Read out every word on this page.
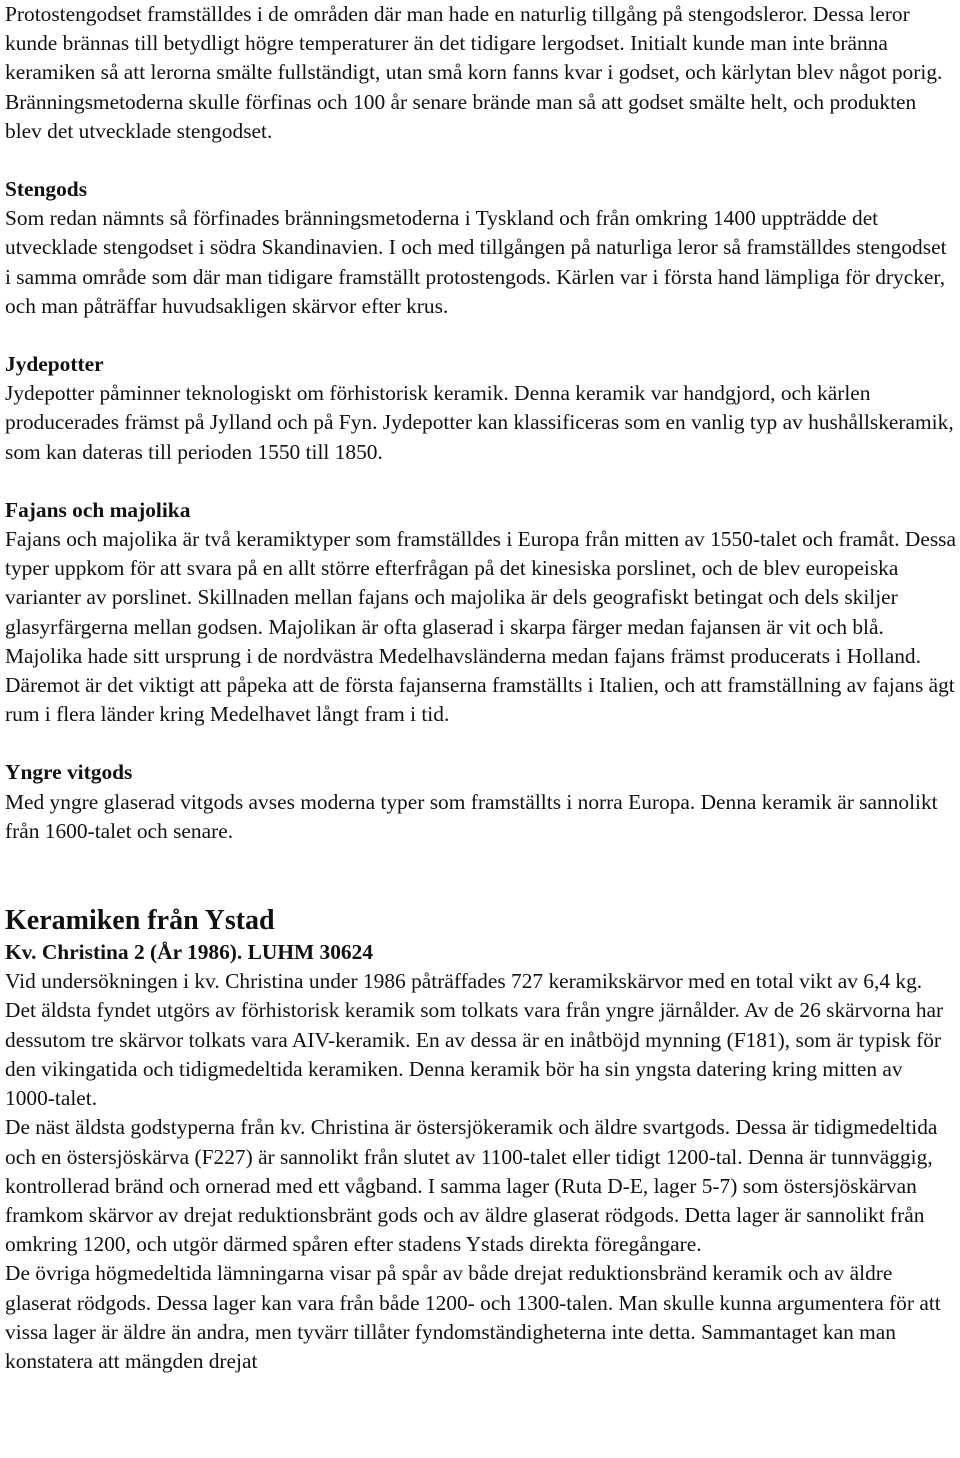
Protostengodset framställdes i de områden där man hade en naturlig tillgång på stengodsleror. Dessa leror kunde brännas till betydligt högre temperaturer än det tidigare lergodset. Initialt kunde man inte bränna keramiken så att lerorna smälte fullständigt, utan små korn fanns kvar i godset, och kärlytan blev något porig. Bränningsmetoderna skulle förfinas och 100 år senare brände man så att godset smälte helt, och produkten blev det utvecklade stengodset.

Stengods

Som redan nämnts så förfinades bränningsmetoderna i Tyskland och från omkring 1400 uppträdde det utvecklade stengodset i södra Skandinavien. I och med tillgången på naturliga leror så framställdes stengodset i samma område som där man tidigare framställt protostengods. Kärlen var i första hand lämpliga för drycker, och man påträffar huvudsakligen skärvor efter krus.

Jydepotter

Jydepotter påminner teknologiskt om förhistorisk keramik. Denna keramik var handgjord, och kärlen producerades främst på Jylland och på Fyn. Jydepotter kan klassificeras som en vanlig typ av hushållskeramik, som kan dateras till perioden 1550 till 1850.

Fajans och majolika

Fajans och majolika är två keramiktyper som framställdes i Europa från mitten av 1550-talet och framåt. Dessa typer uppkom för att svara på en allt större efterfrågan på det kinesiska porslinet, och de blev europeiska varianter av porslinet. Skillnaden mellan fajans och majolika är dels geografiskt betingat och dels skiljer glasyrfärgerna mellan godsen. Majolikan är ofta glaserad i skarpa färger medan fajansen är vit och blå. Majolika hade sitt ursprung i de nordvästra Medelhavsländerna medan fajans främst producerats i Holland. Däremot är det viktigt att påpeka att de första fajanserna framställts i Italien, och att framställning av fajans ägt rum i flera länder kring Medelhavet långt fram i tid.

Yngre vitgods

Med yngre glaserad vitgods avses moderna typer som framställts i norra Europa. Denna keramik är sannolikt från 1600-talet och senare.

Keramiken från Ystad
Kv. Christina 2 (År 1986). LUHM 30624

Vid undersökningen i kv. Christina under 1986 påträffades 727 keramikskärvor med en total vikt av 6,4 kg. Det äldsta fyndet utgörs av förhistorisk keramik som tolkats vara från yngre järnålder. Av de 26 skärvorna har dessutom tre skärvor tolkats vara AIV-keramik. En av dessa är en inåtböjd mynning (F181), som är typisk för den vikingatida och tidigmedeltida keramiken. Denna keramik bör ha sin yngsta datering kring mitten av 1000-talet.

De näst äldsta godstyperna från kv. Christina är östersjökeramik och äldre svartgods. Dessa är tidigmedeltida och en östersjöskärva (F227) är sannolikt från slutet av 1100-talet eller tidigt 1200-tal. Denna är tunnväggig, kontrollerad bränd och ornerad med ett vågband. I samma lager (Ruta D-E, lager 5-7) som östersjöskärvan framkom skärvor av drejat reduktionsbränt gods och av äldre glaserat rödgods. Detta lager är sannolikt från omkring 1200, och utgör därmed spåren efter stadens Ystads direkta föregångare.

De övriga högmedeltida lämningarna visar på spår av både drejat reduktionsbränd keramik och av äldre glaserat rödgods. Dessa lager kan vara från både 1200- och 1300-talen. Man skulle kunna argumentera för att vissa lager är äldre än andra, men tyvärr tillåter fyndomständigheterna inte detta. Sammantaget kan man konstatera att mängden drejat
